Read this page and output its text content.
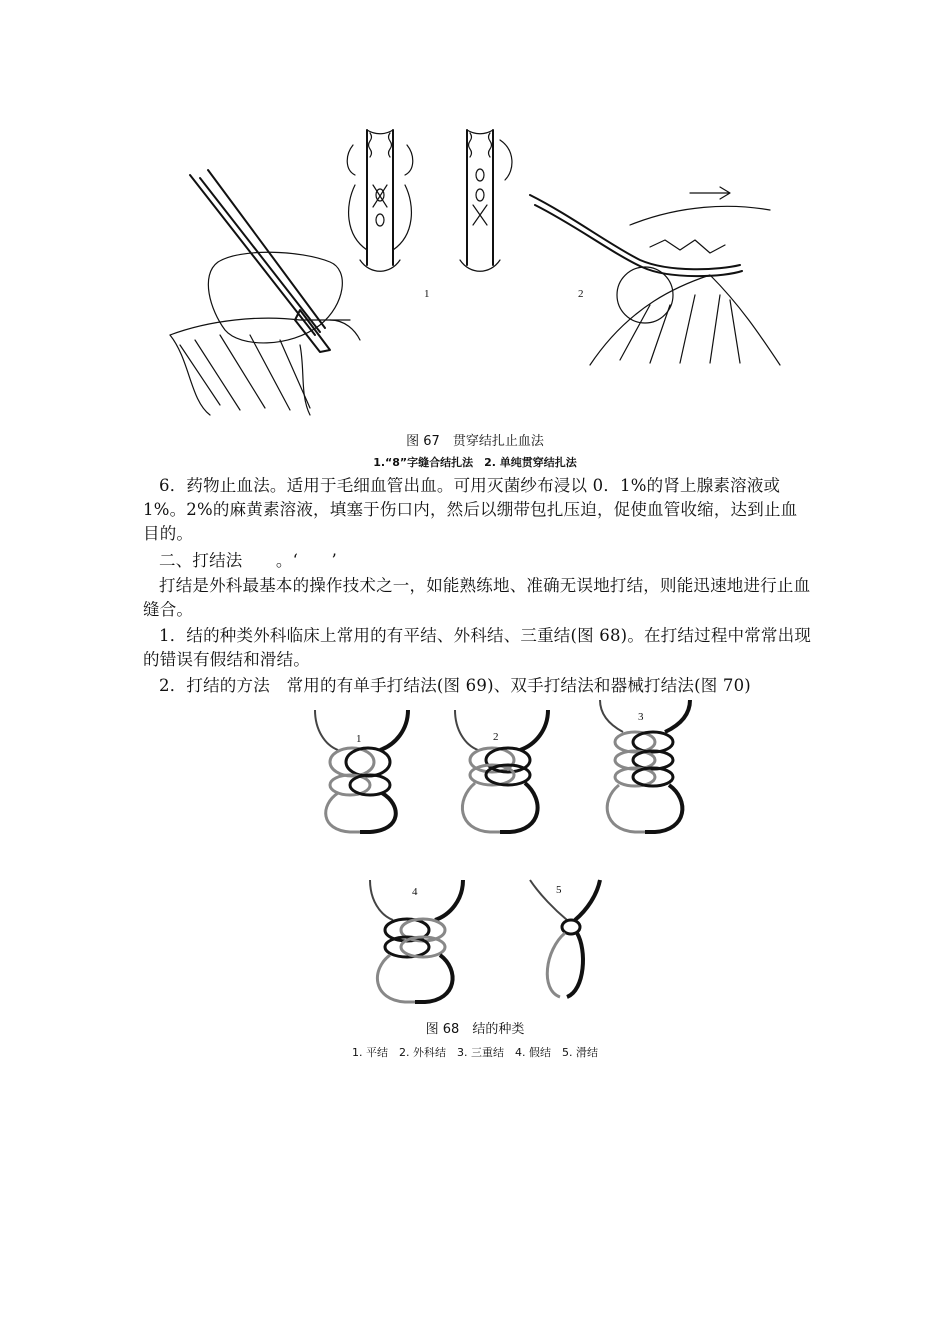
1	2
图 67　贯穿结扎止血法
1.“8”字缝合结扎法　2. 单纯贯穿结扎法
6．药物止血法。适用于毛细血管出血。可用灭菌纱布浸以 0．1%的肾上腺素溶液或 1%。2%的麻黄素溶液，填塞于伤口内，然后以绷带包扎压迫，促使血管收缩，达到止血目的。
二、打结法　　。‘　　’
打结是外科最基本的操作技术之一，如能熟练地、准确无误地打结，则能迅速地进行止血缝合。
1．结的种类外科临床上常用的有平结、外科结、三重结(图 68)。在打结过程中常常出现的错误有假结和滑结。
2．打结的方法　常用的有单手打结法(图 69)、双手打结法和器械打结法(图 70)
1	2
3
4	5
图 68　结的种类
1. 平结　2. 外科结　3. 三重结　4. 假结　5. 滑结
